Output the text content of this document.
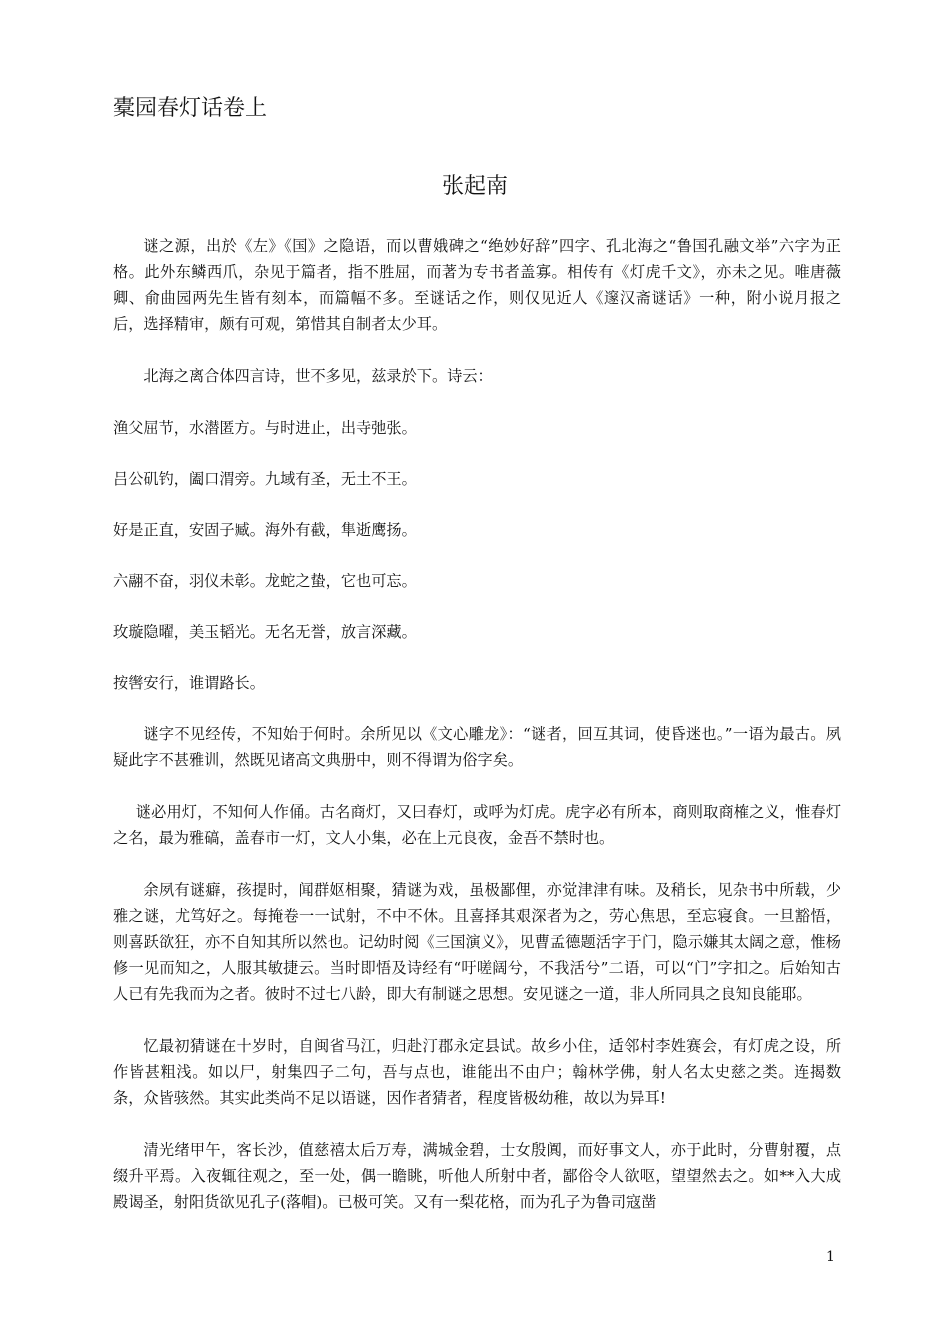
橐园春灯话卷上
张起南

谜之源，出於《左》《国》之隐语，而以曹娥碑之“绝妙好辞”四字、孔北海之“鲁国孔融文举”六字为正格。此外东鳞西爪，杂见于篇者，指不胜屈，而著为专书者盖寡。相传有《灯虎千文》，亦未之见。唯唐薇卿、俞曲园两先生皆有刻本，而篇幅不多。至谜话之作，则仅见近人《邃汉斋谜话》一种，附小说月报之后，选择精审，颇有可观，第惜其自制者太少耳。

北海之离合体四言诗，世不多见，兹录於下。诗云：

渔父屈节，水潜匿方。与时进止，出寺弛张。

吕公矶钓，阖口渭旁。九域有圣，无土不王。

好是正直，安固子臧。海外有截，隼逝鹰扬。

六翮不奋，羽仪未彰。龙蛇之蛰，它也可忘。

玫璇隐曜，美玉韬光。无名无誉，放言深藏。

按辔安行，谁谓路长。

谜字不见经传，不知始于何时。余所见以《文心雕龙》：“谜者，回互其词，使昏迷也。”一语为最古。夙疑此字不甚雅训，然既见诸高文典册中，则不得谓为俗字矣。

谜必用灯，不知何人作俑。古名商灯，又曰春灯，或呼为灯虎。虎字必有所本，商则取商榷之义，惟春灯之名，最为雅碻，盖春市一灯，文人小集，必在上元良夜，金吾不禁时也。

余夙有谜癖，孩提时，闻群妪相聚，猜谜为戏，虽极鄙俚，亦觉津津有味。及稍长，见杂书中所载，少雅之谜，尤笃好之。每掩卷一一试射，不中不休。且喜择其艰深者为之，劳心焦思，至忘寝食。一旦豁悟，则喜跃欲狂，亦不自知其所以然也。记幼时阅《三国演义》，见曹孟德题活字于门，隐示嫌其太阔之意，惟杨修一见而知之，人服其敏捷云。当时即悟及诗经有“吁嗟阔兮，不我活兮”二语，可以“门”字扣之。后始知古人已有先我而为之者。彼时不过七八龄，即大有制谜之思想。安见谜之一道，非人所同具之良知良能耶。

忆最初猜谜在十岁时，自闽省马江，归赴汀郡永定县试。故乡小住，适邻村李姓赛会，有灯虎之设，所作皆甚粗浅。如以尸，射集四子二句，吾与点也，谁能出不由户；翰林学佛，射人名太史慈之类。连揭数条，众皆骇然。其实此类尚不足以语谜，因作者猜者，程度皆极幼稚，故以为异耳!

清光绪甲午，客长沙，值慈禧太后万寿，满城金碧，士女殷阗，而好事文人，亦于此时，分曹射覆，点缀升平焉。入夜辄往观之，至一处，偶一瞻眺，听他人所射中者，鄙俗令人欲呕，望望然去之。如**入大成殿谒圣，射阳货欲见孔子(落帽)。已极可笑。又有一梨花格，而为孔子为鲁司寇凿

1
